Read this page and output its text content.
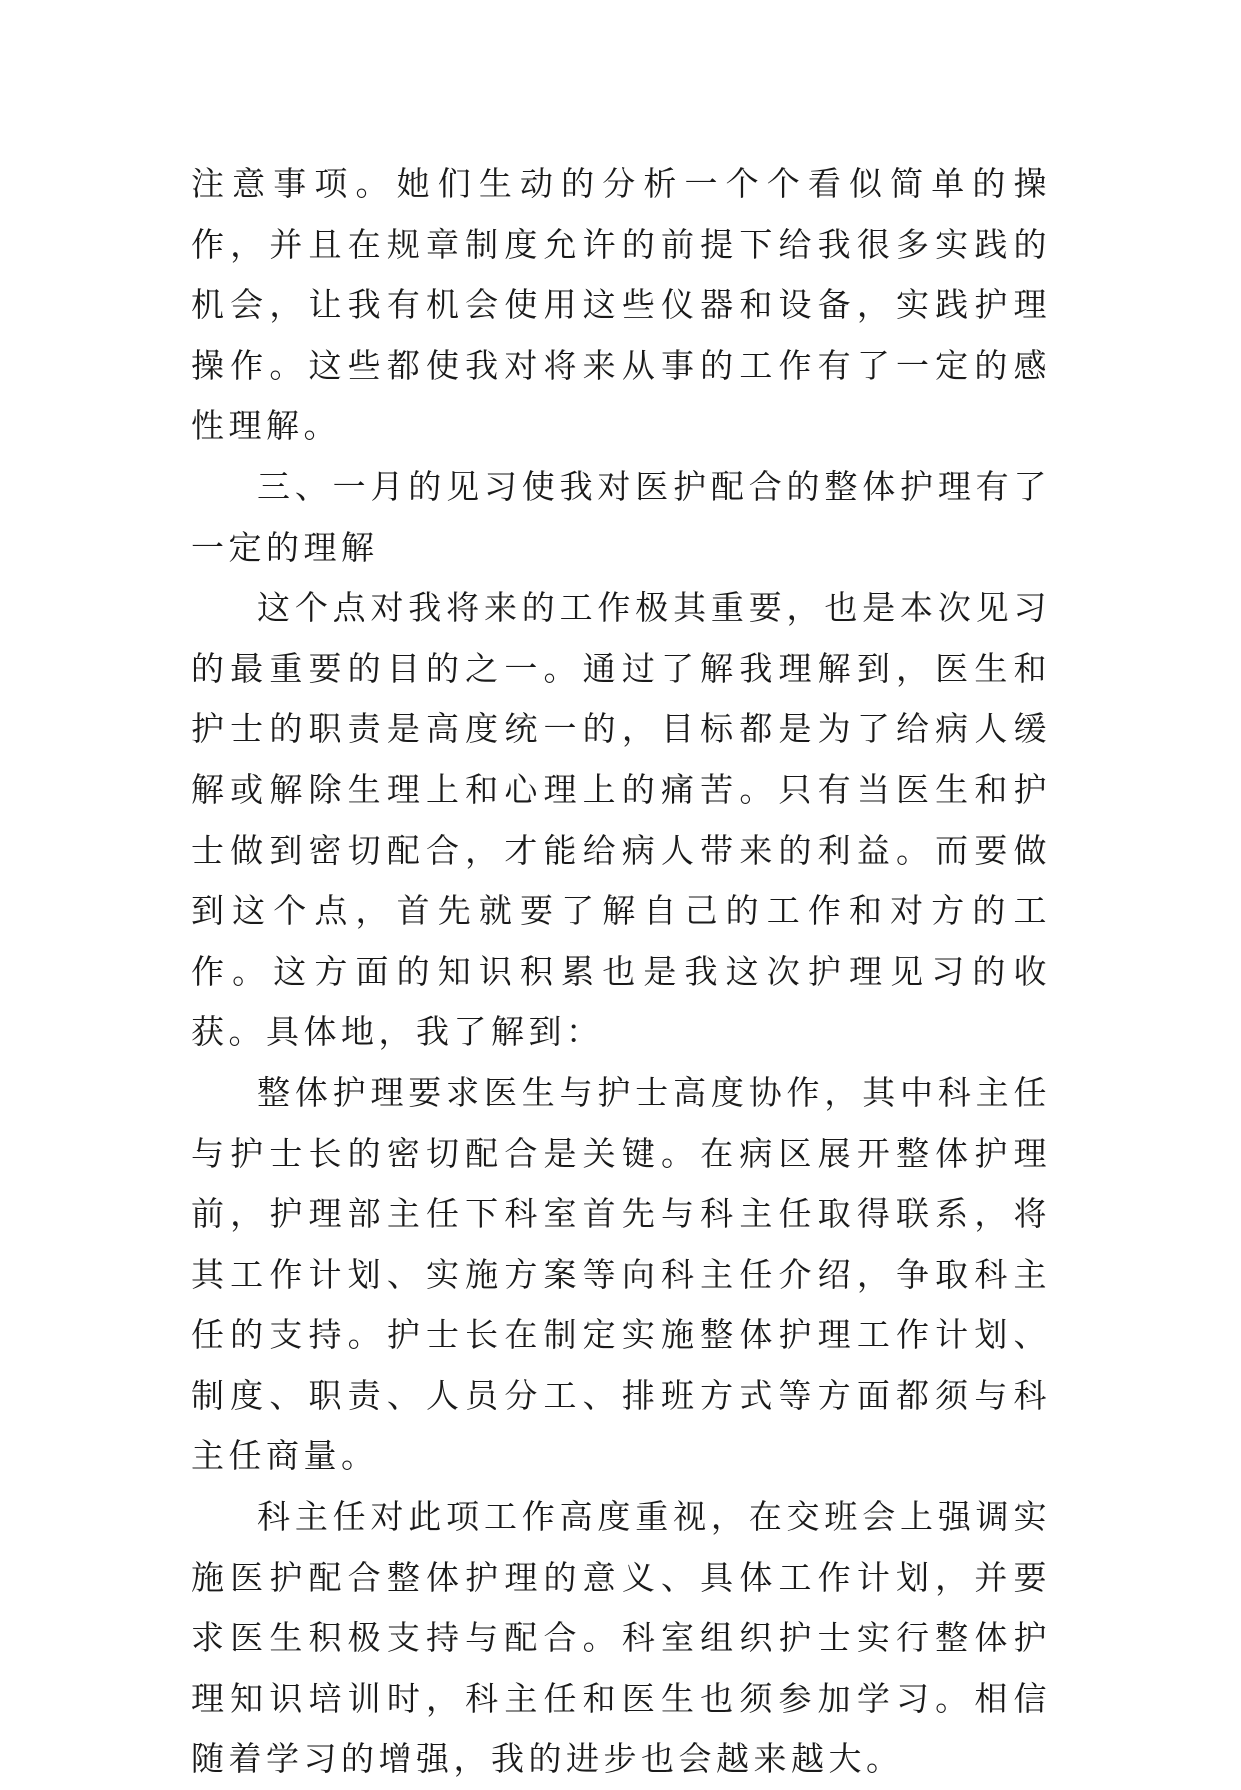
注意事项。她们生动的分析一个个看似简单的操作，并且在规章制度允许的前提下给我很多实践的机会，让我有机会使用这些仪器和设备，实践护理操作。这些都使我对将来从事的工作有了一定的感性理解。

三、一月的见习使我对医护配合的整体护理有了一定的理解

这个点对我将来的工作极其重要，也是本次见习的最重要的目的之一。通过了解我理解到，医生和护士的职责是高度统一的，目标都是为了给病人缓解或解除生理上和心理上的痛苦。只有当医生和护士做到密切配合，才能给病人带来的利益。而要做到这个点，首先就要了解自己的工作和对方的工作。这方面的知识积累也是我这次护理见习的收获。具体地，我了解到：

整体护理要求医生与护士高度协作，其中科主任与护士长的密切配合是关键。在病区展开整体护理前，护理部主任下科室首先与科主任取得联系，将其工作计划、实施方案等向科主任介绍，争取科主任的支持。护士长在制定实施整体护理工作计划、制度、职责、人员分工、排班方式等方面都须与科主任商量。

科主任对此项工作高度重视，在交班会上强调实施医护配合整体护理的意义、具体工作计划，并要求医生积极支持与配合。科室组织护士实行整体护理知识培训时，科主任和医生也须参加学习。相信随着学习的增强，我的进步也会越来越大。
